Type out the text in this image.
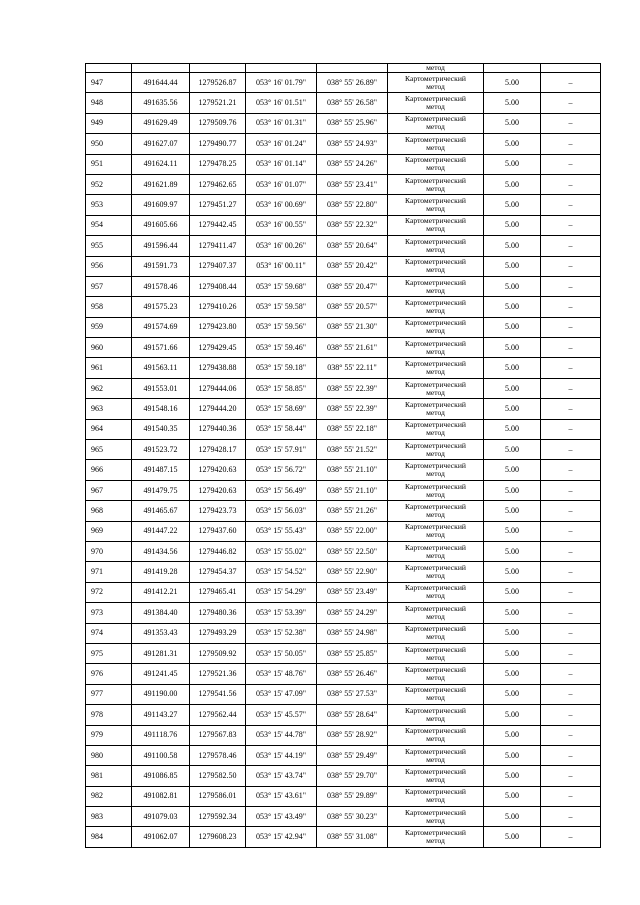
					метод		
947	491644.44	1279526.87	053° 16' 01.79"	038° 55' 26.89"	Картометрический
метод	5.00	–
948	491635.56	1279521.21	053° 16' 01.51"	038° 55' 26.58"	Картометрический
метод	5.00	–
949	491629.49	1279509.76	053° 16' 01.31"	038° 55' 25.96"	Картометрический
метод	5.00	–
950	491627.07	1279490.77	053° 16' 01.24"	038° 55' 24.93"	Картометрический
метод	5.00	–
951	491624.11	1279478.25	053° 16' 01.14"	038° 55' 24.26"	Картометрический
метод	5.00	–
952	491621.89	1279462.65	053° 16' 01.07"	038° 55' 23.41"	Картометрический
метод	5.00	–
953	491609.97	1279451.27	053° 16' 00.69"	038° 55' 22.80"	Картометрический
метод	5.00	–
954	491605.66	1279442.45	053° 16' 00.55"	038° 55' 22.32"	Картометрический
метод	5.00	–
955	491596.44	1279411.47	053° 16' 00.26"	038° 55' 20.64"	Картометрический
метод	5.00	–
956	491591.73	1279407.37	053° 16' 00.11"	038° 55' 20.42"	Картометрический
метод	5.00	–
957	491578.46	1279408.44	053° 15' 59.68"	038° 55' 20.47"	Картометрический
метод	5.00	–
958	491575.23	1279410.26	053° 15' 59.58"	038° 55' 20.57"	Картометрический
метод	5.00	–
959	491574.69	1279423.80	053° 15' 59.56"	038° 55' 21.30"	Картометрический
метод	5.00	–
960	491571.66	1279429.45	053° 15' 59.46"	038° 55' 21.61"	Картометрический
метод	5.00	–
961	491563.11	1279438.88	053° 15' 59.18"	038° 55' 22.11"	Картометрический
метод	5.00	–
962	491553.01	1279444.06	053° 15' 58.85"	038° 55' 22.39"	Картометрический
метод	5.00	–
963	491548.16	1279444.20	053° 15' 58.69"	038° 55' 22.39"	Картометрический
метод	5.00	–
964	491540.35	1279440.36	053° 15' 58.44"	038° 55' 22.18"	Картометрический
метод	5.00	–
965	491523.72	1279428.17	053° 15' 57.91"	038° 55' 21.52"	Картометрический
метод	5.00	–
966	491487.15	1279420.63	053° 15' 56.72"	038° 55' 21.10"	Картометрический
метод	5.00	–
967	491479.75	1279420.63	053° 15' 56.49"	038° 55' 21.10"	Картометрический
метод	5.00	–
968	491465.67	1279423.73	053° 15' 56.03"	038° 55' 21.26"	Картометрический
метод	5.00	–
969	491447.22	1279437.60	053° 15' 55.43"	038° 55' 22.00"	Картометрический
метод	5.00	–
970	491434.56	1279446.82	053° 15' 55.02"	038° 55' 22.50"	Картометрический
метод	5.00	–
971	491419.28	1279454.37	053° 15' 54.52"	038° 55' 22.90"	Картометрический
метод	5.00	–
972	491412.21	1279465.41	053° 15' 54.29"	038° 55' 23.49"	Картометрический
метод	5.00	–
973	491384.40	1279480.36	053° 15' 53.39"	038° 55' 24.29"	Картометрический
метод	5.00	–
974	491353.43	1279493.29	053° 15' 52.38"	038° 55' 24.98"	Картометрический
метод	5.00	–
975	491281.31	1279509.92	053° 15' 50.05"	038° 55' 25.85"	Картометрический
метод	5.00	–
976	491241.45	1279521.36	053° 15' 48.76"	038° 55' 26.46"	Картометрический
метод	5.00	–
977	491190.00	1279541.56	053° 15' 47.09"	038° 55' 27.53"	Картометрический
метод	5.00	–
978	491143.27	1279562.44	053° 15' 45.57"	038° 55' 28.64"	Картометрический
метод	5.00	–
979	491118.76	1279567.83	053° 15' 44.78"	038° 55' 28.92"	Картометрический
метод	5.00	–
980	491100.58	1279578.46	053° 15' 44.19"	038° 55' 29.49"	Картометрический
метод	5.00	–
981	491086.85	1279582.50	053° 15' 43.74"	038° 55' 29.70"	Картометрический
метод	5.00	–
982	491082.81	1279586.01	053° 15' 43.61"	038° 55' 29.89"	Картометрический
метод	5.00	–
983	491079.03	1279592.34	053° 15' 43.49"	038° 55' 30.23"	Картометрический
метод	5.00	–
984	491062.07	1279608.23	053° 15' 42.94"	038° 55' 31.08"	Картометрический
метод	5.00	–
